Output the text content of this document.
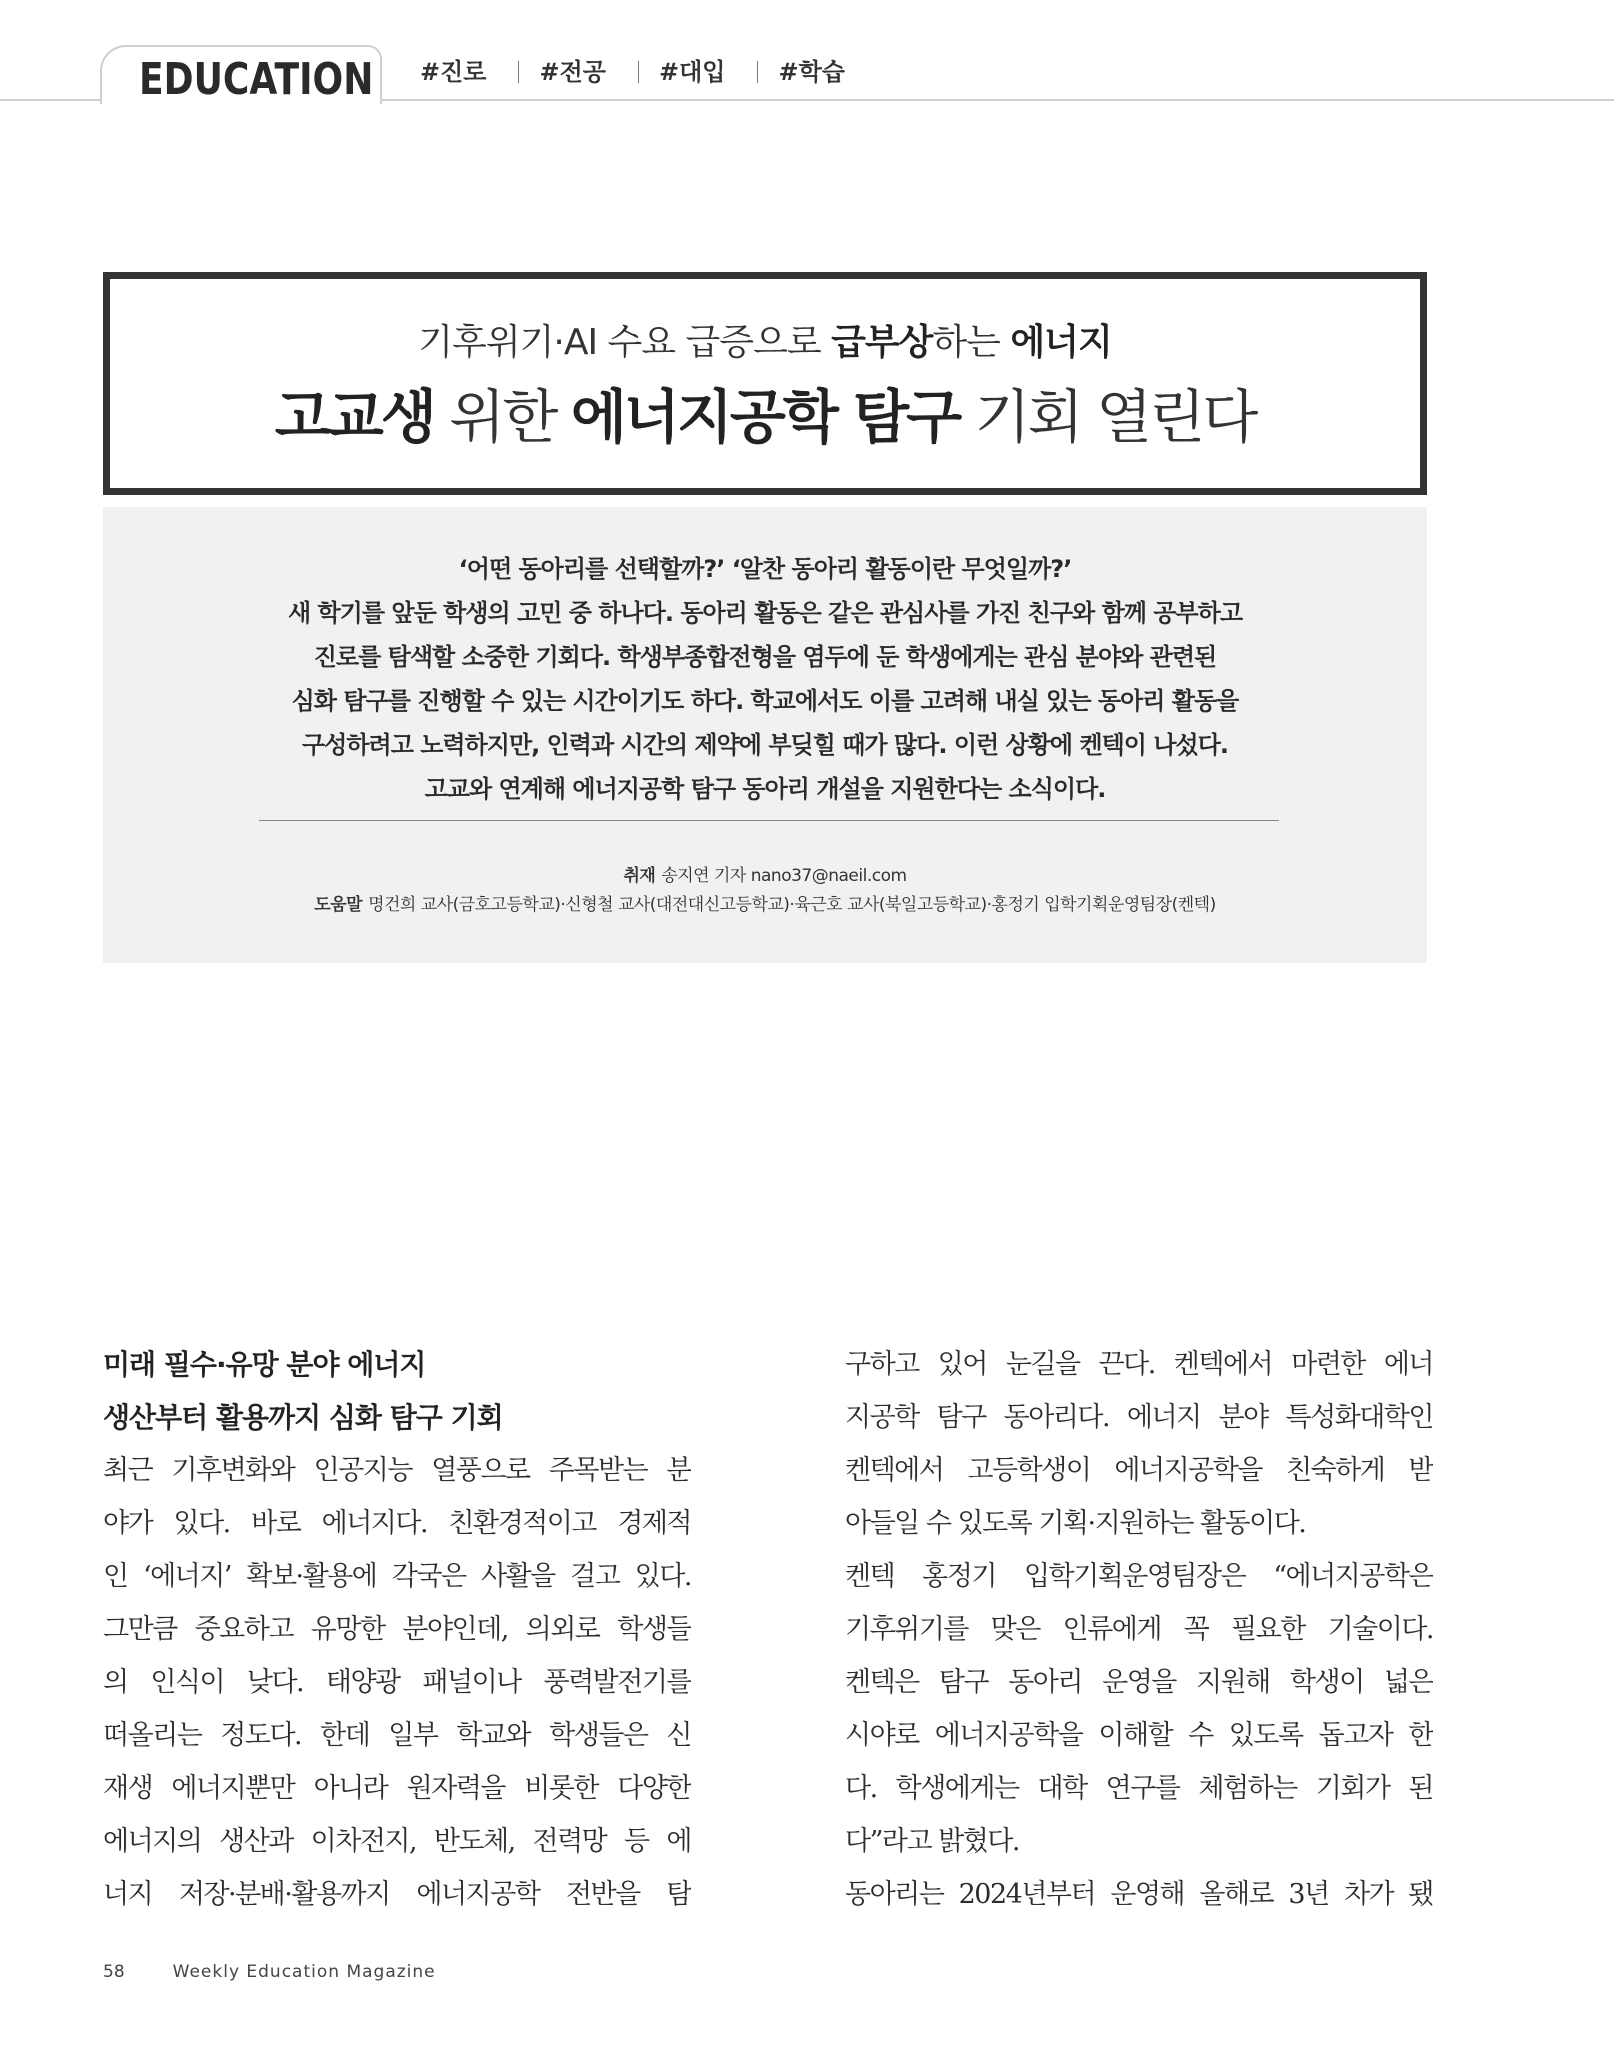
EDUCATION #진로	#전공	#대입	#학습
기후위기·AI 수요 급증으로 급부상하는 에너지
고교생 위한 에너지공학 탐구 기회 열린다

‘어떤 동아리를 선택할까?’ ‘알찬 동아리 활동이란 무엇일까?’
새 학기를 앞둔 학생의 고민 중 하나다. 동아리 활동은 같은 관심사를 가진 친구와 함께 공부하고
진로를 탐색할 소중한 기회다. 학생부종합전형을 염두에 둔 학생에게는 관심 분야와 관련된
심화 탐구를 진행할 수 있는 시간이기도 하다. 학교에서도 이를 고려해 내실 있는 동아리 활동을
구성하려고 노력하지만, 인력과 시간의 제약에 부딪힐 때가 많다. 이런 상황에 켄텍이 나섰다.
고교와 연계해 에너지공학 탐구 동아리 개설을 지원한다는 소식이다.

취재 송지연 기자 nano37@naeil.com
도움말 명건희 교사(금호고등학교)·신형철 교사(대전대신고등학교)·육근호 교사(북일고등학교)·홍정기 입학기획운영팀장(켄텍)
미래 필수·유망 분야 에너지
생산부터 활용까지 심화 탐구 기회
최근 기후변화와 인공지능 열풍으로 주목받는 분
야가 있다. 바로 에너지다. 친환경적이고 경제적
인 ‘에너지’ 확보·활용에 각국은 사활을 걸고 있다.
그만큼 중요하고 유망한 분야인데, 의외로 학생들
의 인식이 낮다. 태양광 패널이나 풍력발전기를
떠올리는 정도다. 한데 일부 학교와 학생들은 신
재생 에너지뿐만 아니라 원자력을 비롯한 다양한
에너지의 생산과 이차전지, 반도체, 전력망 등 에
너지 저장·분배·활용까지 에너지공학 전반을 탐
구하고 있어 눈길을 끈다. 켄텍에서 마련한 에너
지공학 탐구 동아리다. 에너지 분야 특성화대학인
켄텍에서 고등학생이 에너지공학을 친숙하게 받
아들일 수 있도록 기획·지원하는 활동이다.
켄텍 홍정기 입학기획운영팀장은 “에너지공학은
기후위기를 맞은 인류에게 꼭 필요한 기술이다.
켄텍은 탐구 동아리 운영을 지원해 학생이 넓은
시야로 에너지공학을 이해할 수 있도록 돕고자 한
다. 학생에게는 대학 연구를 체험하는 기회가 된
다”라고 밝혔다.
동아리는 2024년부터 운영해 올해로 3년 차가 됐
58	Weekly Education Magazine
